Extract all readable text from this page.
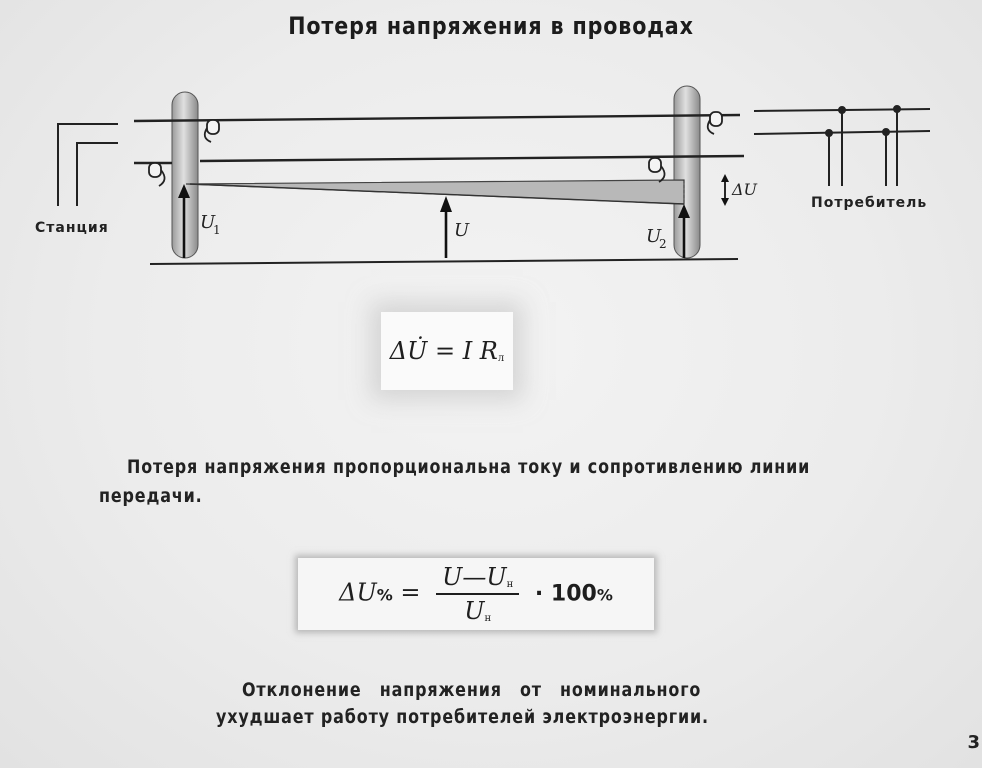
Потеря напряжения в проводах
Станция
Потребитель
U
1	U	U
2
ΔU
ΔU̇ = I Rл
Потеря напряжения пропорциональна току и сопротивлению линии
передачи.
$\Delta U\% = \frac{U—Uн}{Uн} \cdot 100\%$
Отклонение напряжения от номинального
ухудшает работу потребителей электроэнергии.
3
